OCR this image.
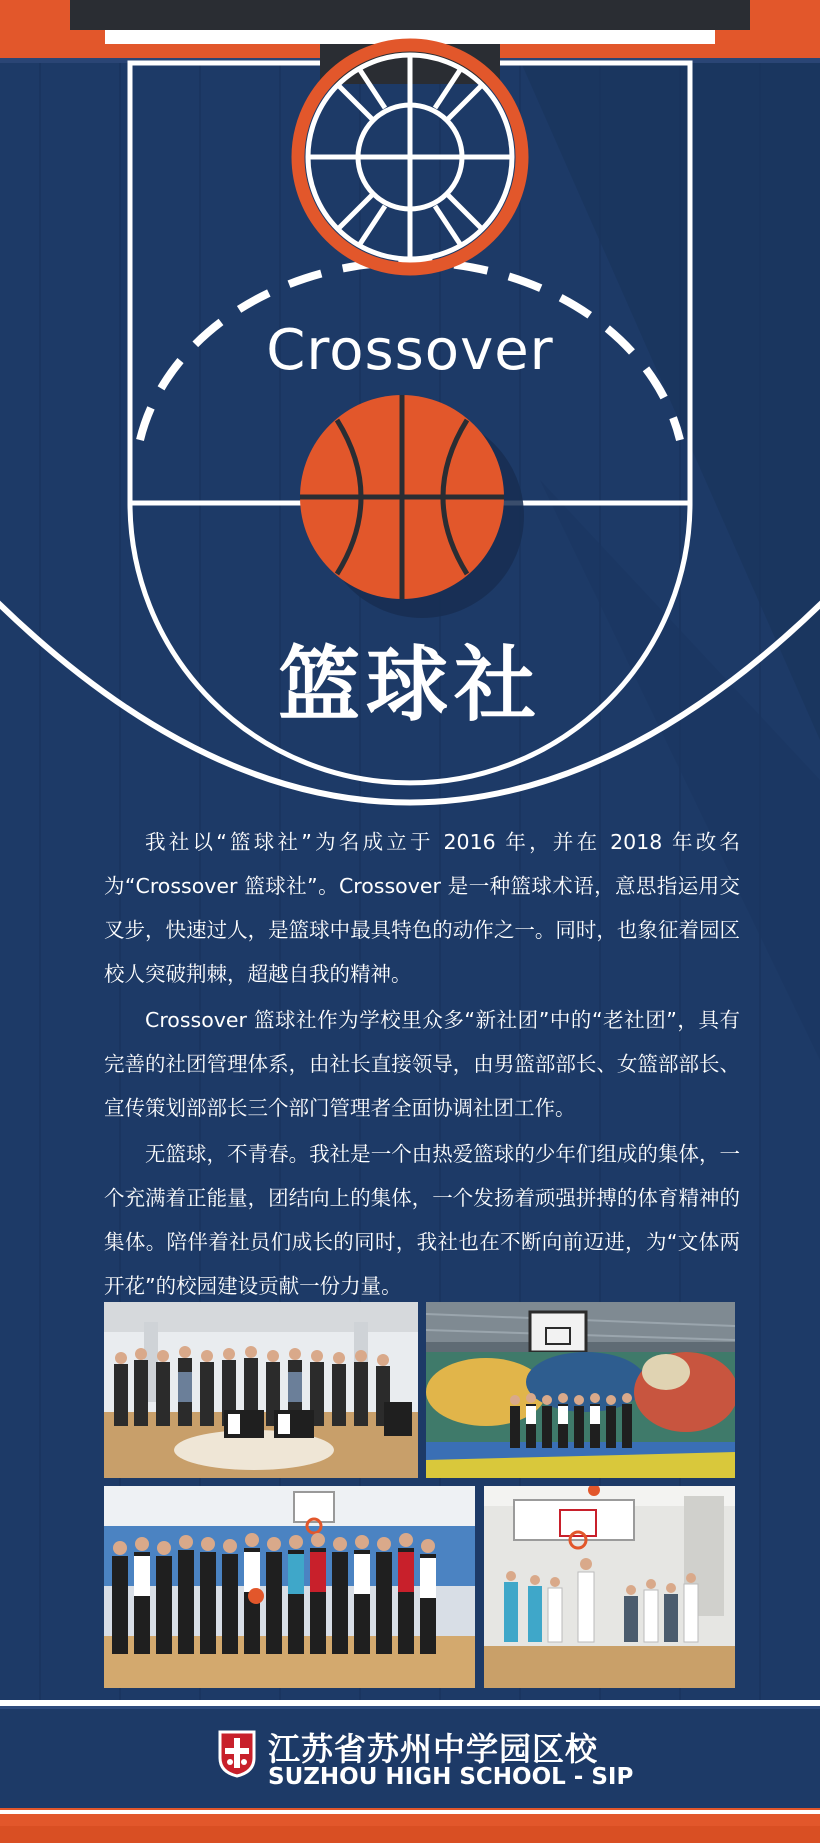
Crossover
篮球社

我社以“篮球社”为名成立于 2016 年，并在 2018 年改名为“Crossover 篮球社”。Crossover 是一种篮球术语，意思指运用交叉步，快速过人，是篮球中最具特色的动作之一。同时，也象征着园区校人突破荆棘，超越自我的精神。

Crossover 篮球社作为学校里众多“新社团”中的“老社团”，具有完善的社团管理体系，由社长直接领导，由男篮部部长、女篮部部长、宣传策划部部长三个部门管理者全面协调社团工作。

无篮球，不青春。我社是一个由热爱篮球的少年们组成的集体，一个充满着正能量，团结向上的集体，一个发扬着顽强拼搏的体育精神的集体。陪伴着社员们成长的同时，我社也在不断向前迈进，为“文体两开花”的校园建设贡献一份力量。

江苏省苏州中学园区校
SUZHOU HIGH SCHOOL - SIP
